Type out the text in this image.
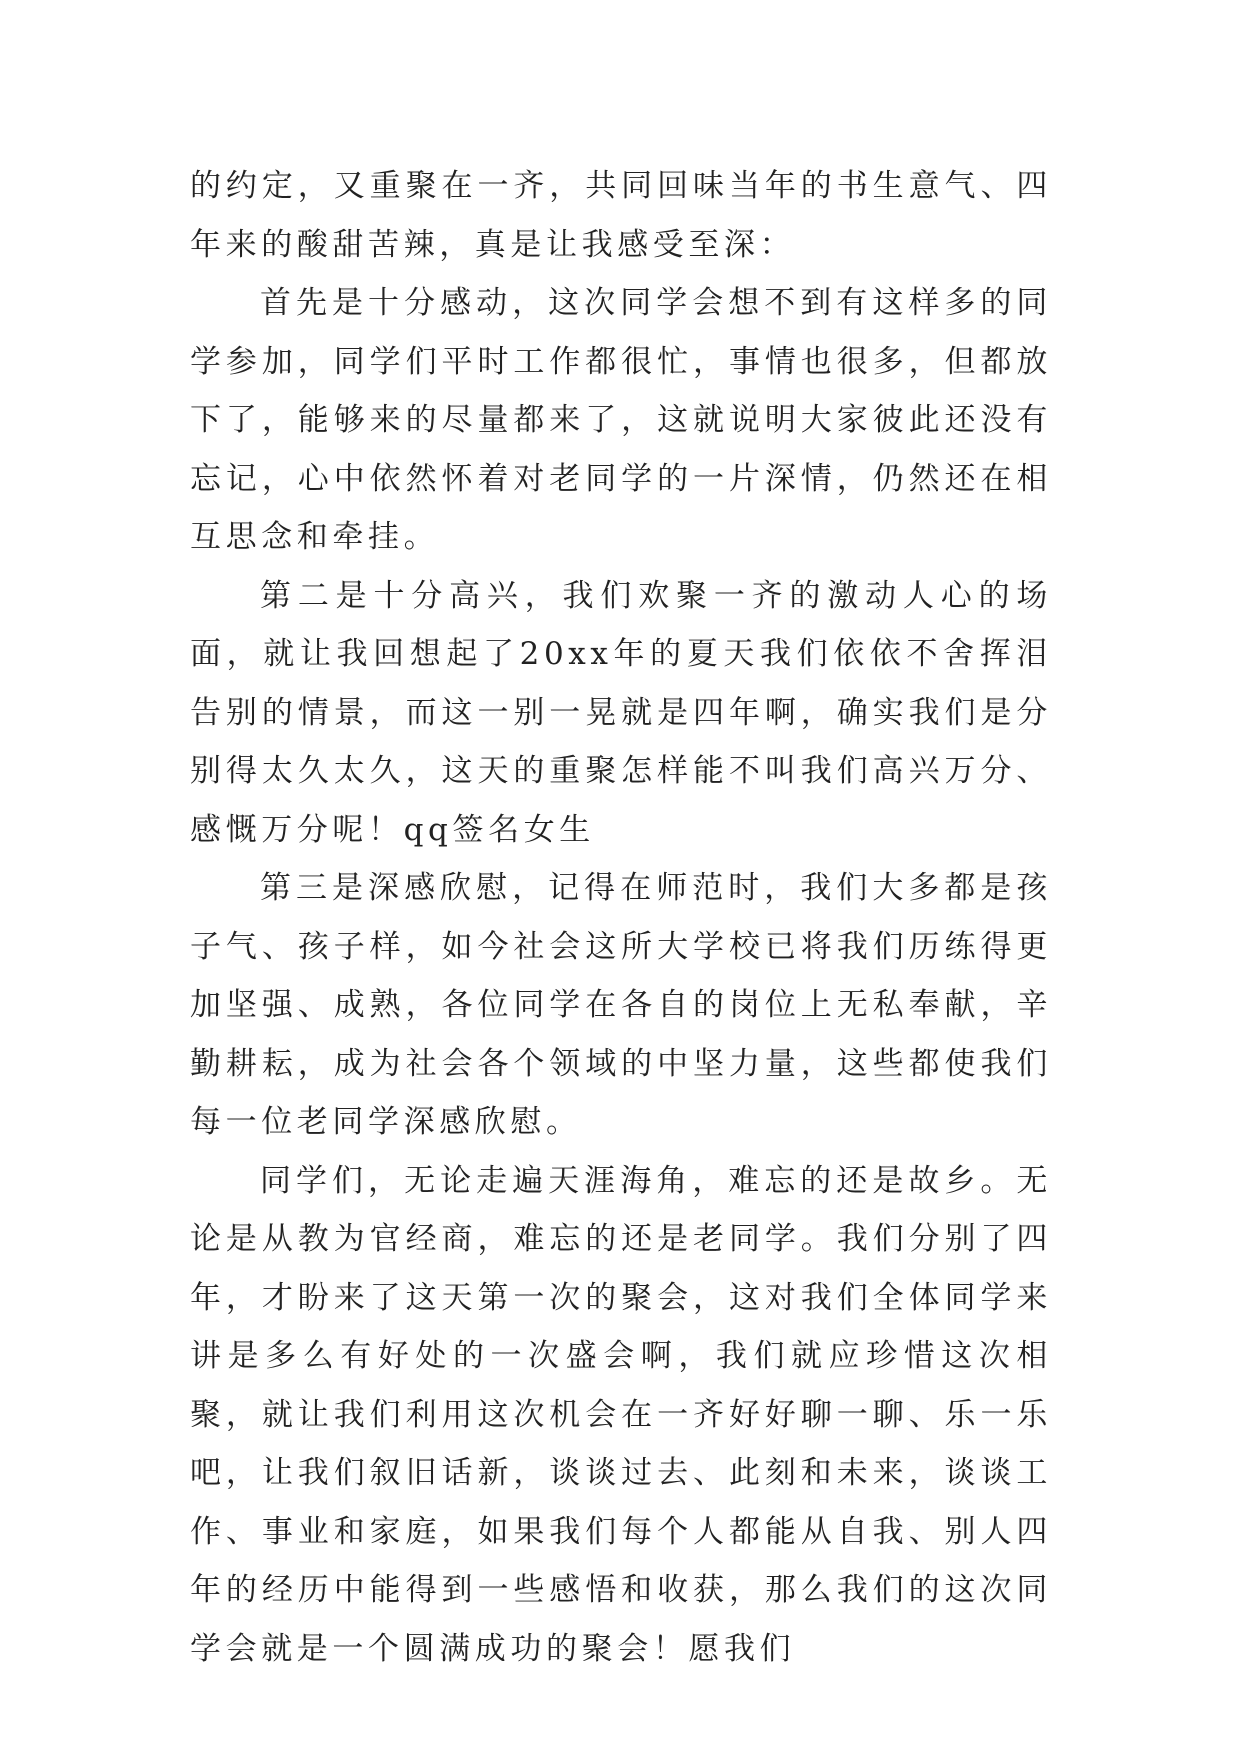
的约定，又重聚在一齐，共同回味当年的书生意气、四年来的酸甜苦辣，真是让我感受至深：

首先是十分感动，这次同学会想不到有这样多的同学参加，同学们平时工作都很忙，事情也很多，但都放下了，能够来的尽量都来了，这就说明大家彼此还没有忘记，心中依然怀着对老同学的一片深情，仍然还在相互思念和牵挂。

第二是十分高兴，我们欢聚一齐的激动人心的场面，就让我回想起了20xx年的夏天我们依依不舍挥泪告别的情景，而这一别一晃就是四年啊，确实我们是分别得太久太久，这天的重聚怎样能不叫我们高兴万分、感慨万分呢！qq签名女生

第三是深感欣慰，记得在师范时，我们大多都是孩子气、孩子样，如今社会这所大学校已将我们历练得更加坚强、成熟，各位同学在各自的岗位上无私奉献，辛勤耕耘，成为社会各个领域的中坚力量，这些都使我们每一位老同学深感欣慰。

同学们，无论走遍天涯海角，难忘的还是故乡。无论是从教为官经商，难忘的还是老同学。我们分别了四年，才盼来了这天第一次的聚会，这对我们全体同学来讲是多么有好处的一次盛会啊，我们就应珍惜这次相聚，就让我们利用这次机会在一齐好好聊一聊、乐一乐吧，让我们叙旧话新，谈谈过去、此刻和未来，谈谈工作、事业和家庭，如果我们每个人都能从自我、别人四年的经历中能得到一些感悟和收获，那么我们的这次同学会就是一个圆满成功的聚会！愿我们
